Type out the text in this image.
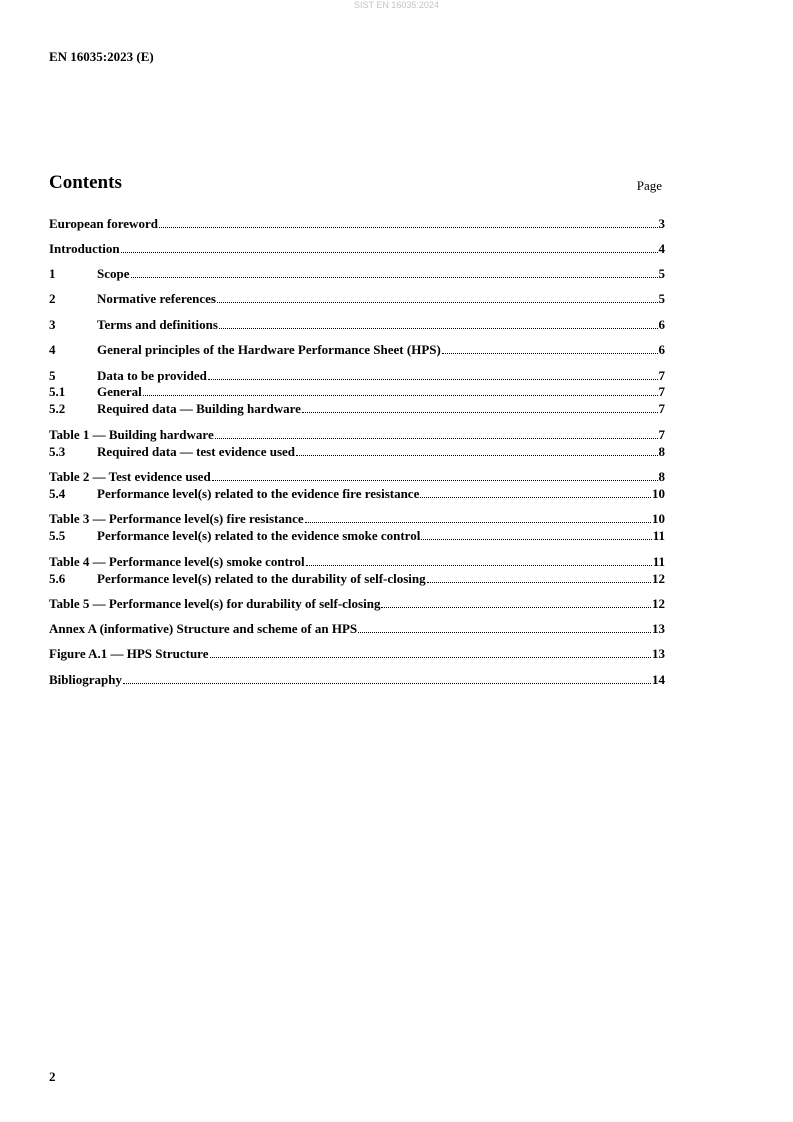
SIST EN 16035:2024
EN 16035:2023 (E)
Contents	Page
European foreword	3
Introduction	4
1	Scope	5
2	Normative references	5
3	Terms and definitions	6
4	General principles of the Hardware Performance Sheet (HPS)	6
5	Data to be provided	7
5.1	General	7
5.2	Required data — Building hardware	7
Table 1 — Building hardware	7
5.3	Required data — test evidence used	8
Table 2 — Test evidence used	8
5.4	Performance level(s) related to the evidence fire resistance	10
Table 3 — Performance level(s) fire resistance	10
5.5	Performance level(s) related to the evidence smoke control	11
Table 4 — Performance level(s) smoke control	11
5.6	Performance level(s) related to the durability of self-closing	12
Table 5 — Performance level(s) for durability of self-closing	12
Annex A (informative) Structure and scheme of an HPS	13
Figure A.1 — HPS Structure	13
Bibliography	14
2
